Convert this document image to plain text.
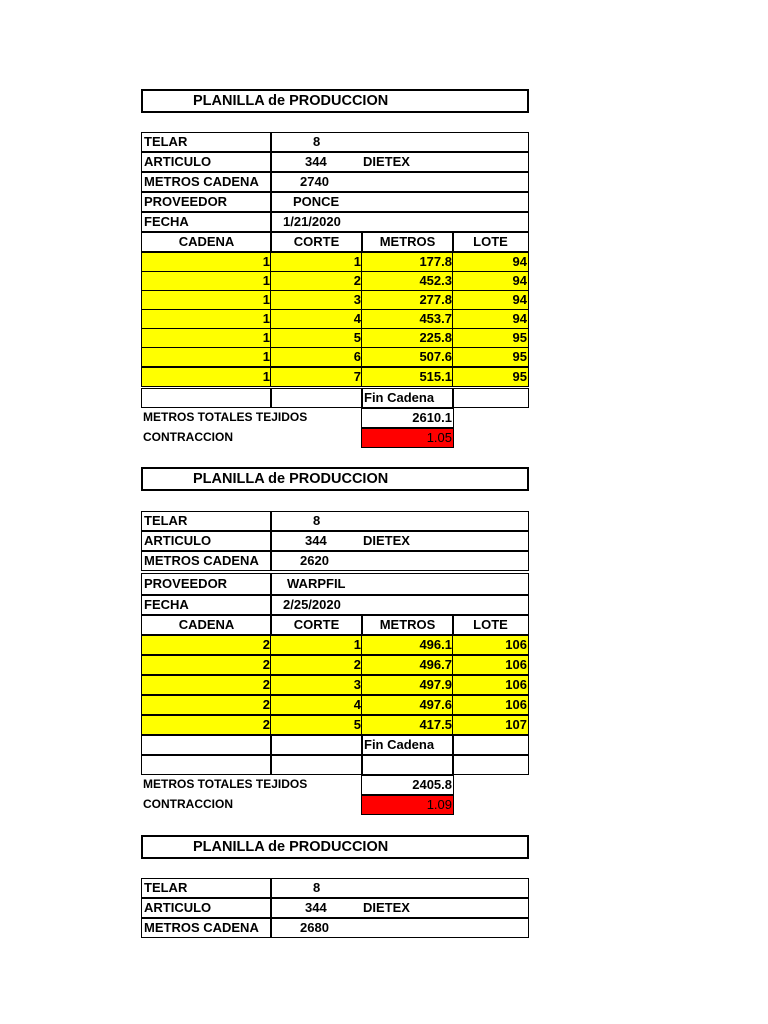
PLANILLA de PRODUCCION
TELAR	8
ARTICULO	344	DIETEX
METROS CADENA	2740
PROVEEDOR	PONCE
FECHA	1/21/2020
CADENA	CORTE	METROS	LOTE
1	1	177.8	94
1	2	452.3	94
1	3	277.8	94
1	4	453.7	94
1	5	225.8	95
1	6	507.6	95
1	7	515.1	95
Fin Cadena
METROS TOTALES TEJIDOS	2610.1
CONTRACCION	1.05
PLANILLA de PRODUCCION
TELAR	8
ARTICULO	344	DIETEX
METROS CADENA	2620
PROVEEDOR	WARPFIL
FECHA	2/25/2020
CADENA	CORTE	METROS	LOTE
2	1	496.1	106
2	2	496.7	106
2	3	497.9	106
2	4	497.6	106
2	5	417.5	107
Fin Cadena
METROS TOTALES TEJIDOS	2405.8
CONTRACCION	1.09
PLANILLA de PRODUCCION
TELAR	8
ARTICULO	344	DIETEX
METROS CADENA	2680
